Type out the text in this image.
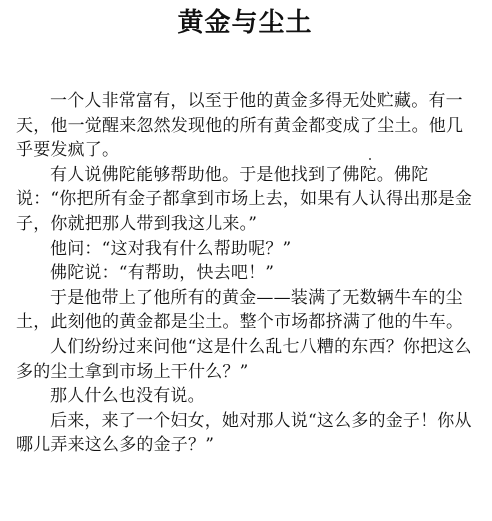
黄金与尘土

一个人非常富有，以至于他的黄金多得无处贮藏。有一天，他一觉醒来忽然发现他的所有黄金都变成了尘土。他几乎要发疯了。

有人说佛陀能够帮助他。于是他找到了佛陀。佛陀说：“你把所有金子都拿到市场上去，如果有人认得出那是金子，你就把那人带到我这儿来。”

他问：“这对我有什么帮助呢？”

佛陀说：“有帮助，快去吧！”

于是他带上了他所有的黄金——装满了无数辆牛车的尘土，此刻他的黄金都是尘土。整个市场都挤满了他的牛车。

人们纷纷过来问他“这是什么乱七八糟的东西？你把这么多的尘土拿到市场上干什么？”

那人什么也没有说。

后来，来了一个妇女，她对那人说“这么多的金子！你从哪儿弄来这么多的金子？”
